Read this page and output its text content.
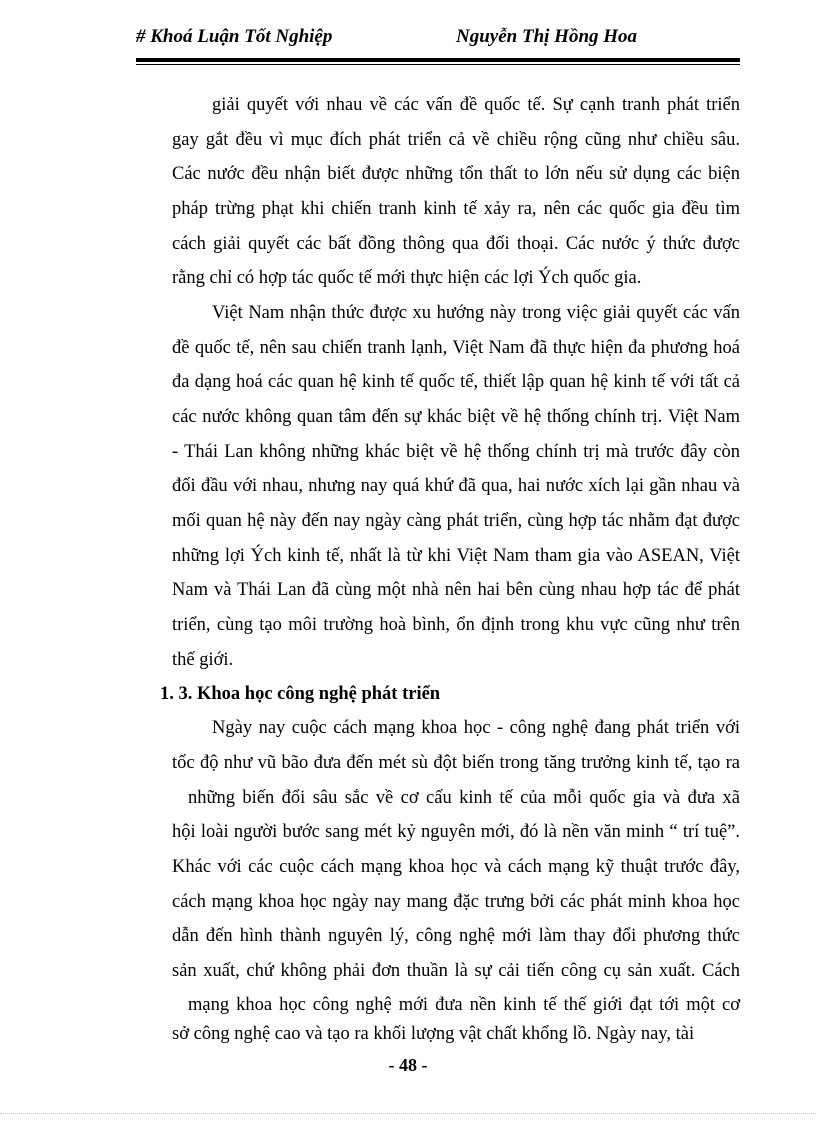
# Khoá Luận Tốt Nghiệp	Nguyễn Thị Hồng Hoa
giải quyết với nhau về các vấn đề quốc tế. Sự cạnh tranh phát triển
gay gắt đều vì mục đích phát triển cả về chiều rộng cũng như chiều sâu.
Các nước đều nhận biết được những tổn thất to lớn nếu sử dụng các biện
pháp trừng phạt khi chiến tranh kinh tế xảy ra, nên các quốc gia đều tìm
cách giải quyết các bất đồng thông qua đối thoại. Các nước ý thức được
rằng chỉ có hợp tác quốc tế mới thực hiện các lợi Ých quốc gia.
Việt Nam nhận thức được xu hướng này trong việc giải quyết các vấn
đề quốc tế, nên sau chiến tranh lạnh, Việt Nam đã thực hiện đa phương hoá
đa dạng hoá các quan hệ kinh tế quốc tế, thiết lập quan hệ kinh tế với tất cả
các nước không quan tâm đến sự khác biệt về hệ thống chính trị. Việt Nam
- Thái Lan không những khác biệt về hệ thống chính trị mà trước đây còn
đối đầu với nhau, nhưng nay quá khứ đã qua, hai nước xích lại gần nhau và
mối quan hệ này đến nay ngày càng phát triển, cùng hợp tác nhằm đạt được
những lợi Ých kinh tế, nhất là từ khi Việt Nam tham gia vào ASEAN, Việt
Nam và Thái Lan đã cùng một nhà nên hai bên cùng nhau hợp tác để phát
triển, cùng tạo môi trường hoà bình, ổn định trong khu vực cũng như trên
thế giới.
1. 3. Khoa học công nghệ phát triển
Ngày nay cuộc cách mạng khoa học - công nghệ đang phát triển với
tốc độ như vũ bão đưa đến mét sù đột biến trong tăng trưởng kinh tế, tạo ra
những biến đổi sâu sắc về cơ cấu kinh tế của mỗi quốc gia và đưa xã
hội loài người bước sang mét kỷ nguyên mới, đó là nền văn minh “ trí tuệ”.
Khác với các cuộc cách mạng khoa học và cách mạng kỹ thuật trước đây,
cách mạng khoa học ngày nay mang đặc trưng bởi các phát minh khoa học
dẫn đến hình thành nguyên lý, công nghệ mới làm thay đổi phương thức
sản xuất, chứ không phải đơn thuần là sự cải tiến công cụ sản xuất. Cách
mạng khoa học công nghệ mới đưa nền kinh tế thế giới đạt tới một cơ
sở công nghệ cao và tạo ra khối lượng vật chất khổng lồ. Ngày nay, tài
- 48 -
